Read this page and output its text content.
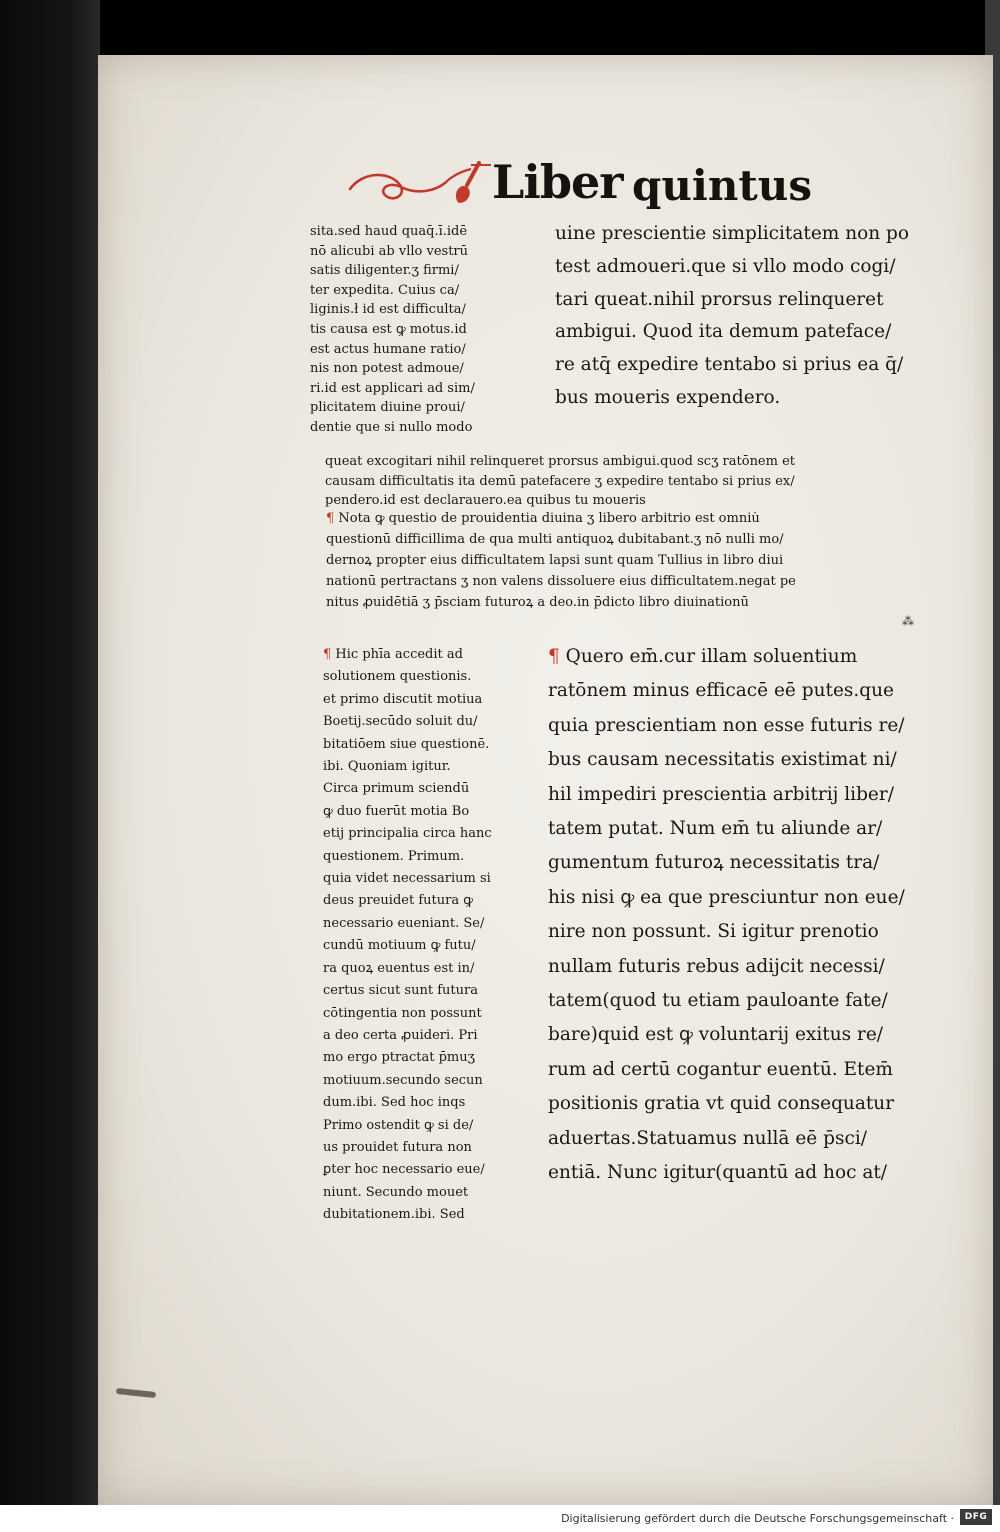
Liber quintus
sita.sed haud quaq̄.ī.idē
nō alicubi ab vllo vestrū
satis diligenter.ʒ firmi/
ter expedita. Cuius ca/
liginis.ł id est difficulta/
tis causa est ꝙ motus.id
est actus humane ratio/
nis non potest admoue/
ri.id est applicari ad sim/
plicitatem diuine proui/
dentie que si nullo modo
uine prescientie simplicitatem non po
test admoueri.que si vllo modo cogi/
tari queat.nihil prorsus relinqueret
ambigui. Quod ita demum pateface/
re atq̄ expedire tentabo si prius ea q̄/
bus moueris expendero.
queat excogitari nihil relinqueret prorsus ambigui.quod scʒ ratōnem et
causam difficultatis ita demū patefacere ʒ expedire tentabo si prius ex/
pendero.id est declarauero.ea quibus tu moueris
¶ Nota ꝙ questio de prouidentia diuina ʒ libero arbitrio est omniu̇
questionū difficillima de qua multi antiquoꝝ dubitabant.ʒ nō nulli mo/
dernoꝝ propter eius difficultatem lapsi sunt quam Tullius in libro diui
nationū pertractans ʒ non valens dissoluere eius difficultatem.negat pe
nitus ꝓuidētiā ʒ p̄sciam futuroꝝ a deo.in p̄dicto libro diuinationū
⁂
¶ Hic phīa accedit ad
solutionem questionis.
et primo discutit motiua
Boetij.secūdo soluit du/
bitatiōem siue questionē.
ibi. Quoniam igitur.
Circa primum sciendū
ꝙ duo fuerūt motia Bo
etij principalia circa hanc
questionem. Primum.
quia videt necessarium si
deus preuidet futura ꝙ
necessario eueniant. Se/
cundū motiuum ꝙ futu/
ra quoꝝ euentus est in/
certus sicut sunt futura
cōtingentia non possunt
a deo certa ꝓuideri. Pri
mo ergo ptractat p̄muʒ
motiuum.secundo secun
dum.ibi. Sed hoc inqs
Primo ostendit ꝙ si de/
us prouidet futura non
ꝑter hoc necessario eue/
niunt. Secundo mouet
dubitationem.ibi. Sed
¶ Quero em̄.cur illam soluentium
ratōnem minus efficacē eē putes.que
quia prescientiam non esse futuris re/
bus causam necessitatis existimat ni/
hil impediri prescientia arbitrij liber/
tatem putat. Num em̄ tu aliunde ar/
gumentum futuroꝝ necessitatis tra/
his nisi ꝙ ea que presciuntur non eue/
nire non possunt. Si igitur prenotio
nullam futuris rebus adijcit necessi/
tatem(quod tu etiam pauloante fate/
bare)quid est ꝙ voluntarij exitus re/
rum ad certū cogantur euentū. Etem̄
positionis gratia vt quid consequatur
aduertas.Statuamus nullā eē p̄sci/
entiā. Nunc igitur(quantū ad hoc at/
Digitalisierung gefördert durch die Deutsche Forschungsgemeinschaft ·	DFG
